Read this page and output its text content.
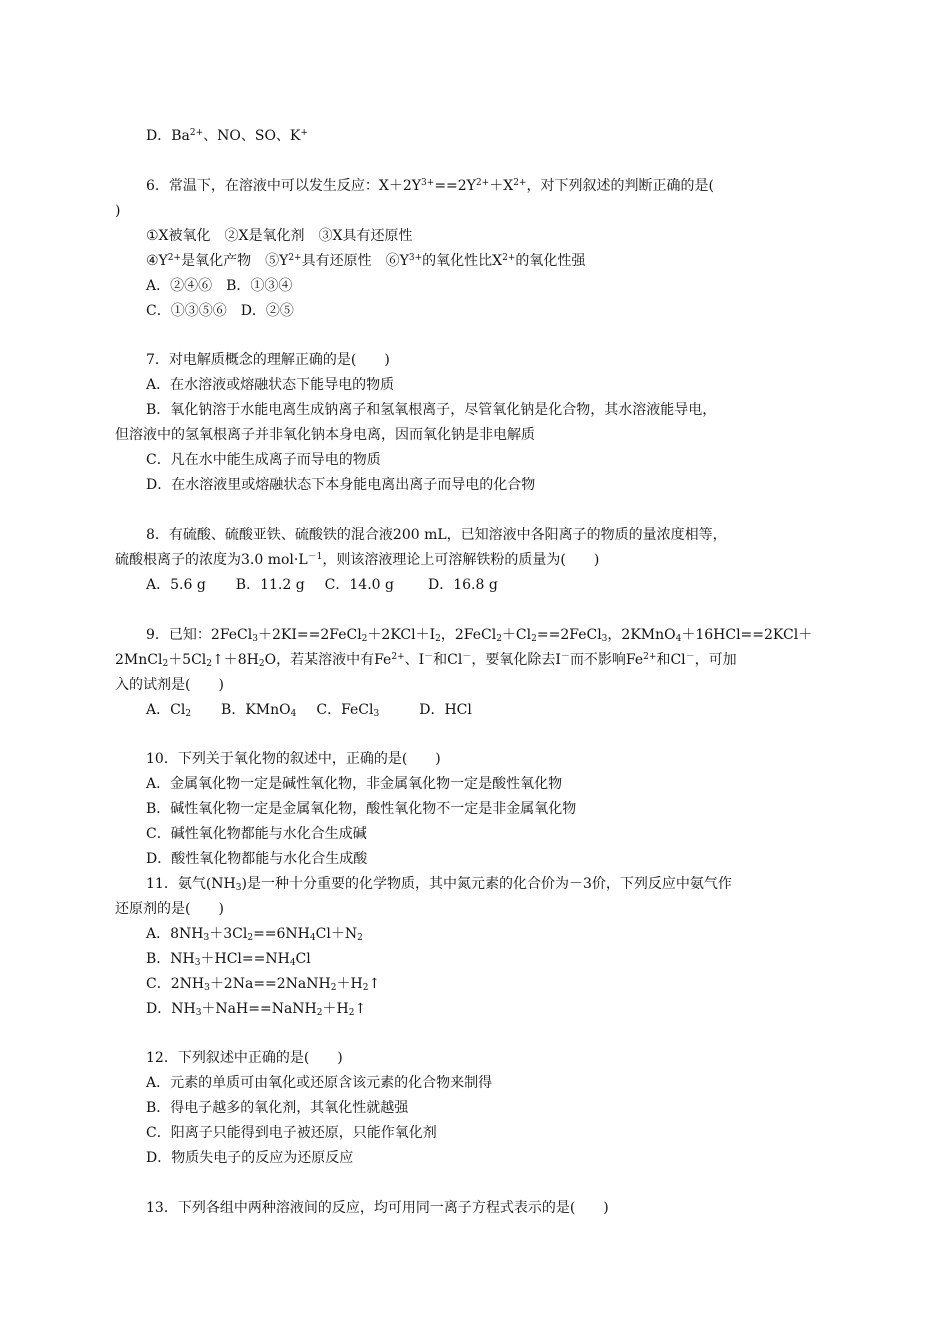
D．$Ba^{2+}$、NO、SO、K+
6．常温下，在溶液中可以发生反应：$X+2Y^{3+}==2Y^{2+}+X^{2+}$，对下列叙述的判断正确的是(
)
①X被氧化　②X是氧化剂　③X具有还原性
$④Y^{2+}$是氧化产物　$⑤Y^{2+}$具有还原性　$⑥Y^{3+}$的氧化性比$X^{2+}$的氧化性强
A．②④⑥　B．①③④
C．①③⑤⑥　D．②⑤
7．对电解质概念的理解正确的是(　　)
A．在水溶液或熔融状态下能导电的物质
B．氧化钠溶于水能电离生成钠离子和氢氧根离子，尽管氧化钠是化合物，其水溶液能导电，
但溶液中的氢氧根离子并非氧化钠本身电离，因而氧化钠是非电解质
C．凡在水中能生成离子而导电的物质
D．在水溶液里或熔融状态下本身能电离出离子而导电的化合物
8．有硫酸、硫酸亚铁、硫酸铁的混合液200 mL，已知溶液中各阳离子的物质的量浓度相等，
硫酸根离子的浓度为3.0 $mol\cdot L^{-1}$，则该溶液理论上可溶解铁粉的质量为(　　)
A．5.6 g B．11.2 g C．14.0 g D．16.8 g
9．已知：$2FeCl_3+2KI==2FeCl_2+2KCl+I_2$，$2FeCl_2+Cl_2==2FeCl_3$，2KMnO$_4$＋16HCl==2KCl＋
$2MnCl_2+5Cl_2↑+8H_2O$，若某溶液中有$Fe^{2+}$、I－和Cl－，要氧化除去I－而不影响$Fe^{2+}$和Cl－，可加
入的试剂是(　　)
A．$Cl_2$ B．KMnO$_4$ C．FeCl$_3$	D．HCl
10．下列关于氧化物的叙述中，正确的是(　　)
A．金属氧化物一定是碱性氧化物，非金属氧化物一定是酸性氧化物
B．碱性氧化物一定是金属氧化物，酸性氧化物不一定是非金属氧化物
C．碱性氧化物都能与水化合生成碱
D．酸性氧化物都能与水化合生成酸
11．氨气$(NH_3)$是一种十分重要的化学物质，其中氮元素的化合价为－3价，下列反应中氨气作
还原剂的是(　　)
A．$8NH_3+3Cl_2==6NH_4Cl+N_2$
B．$NH_3+HCl==NH_4Cl$
C．$2NH_3+2Na==2NaNH_2+H_2↑$
D．$NH_3+NaH==NaNH_2+H_2↑$
12．下列叙述中正确的是(　　)
A．元素的单质可由氧化或还原含该元素的化合物来制得
B．得电子越多的氧化剂，其氧化性就越强
C．阳离子只能得到电子被还原，只能作氧化剂
D．物质失电子的反应为还原反应
13．下列各组中两种溶液间的反应，均可用同一离子方程式表示的是(　　)
